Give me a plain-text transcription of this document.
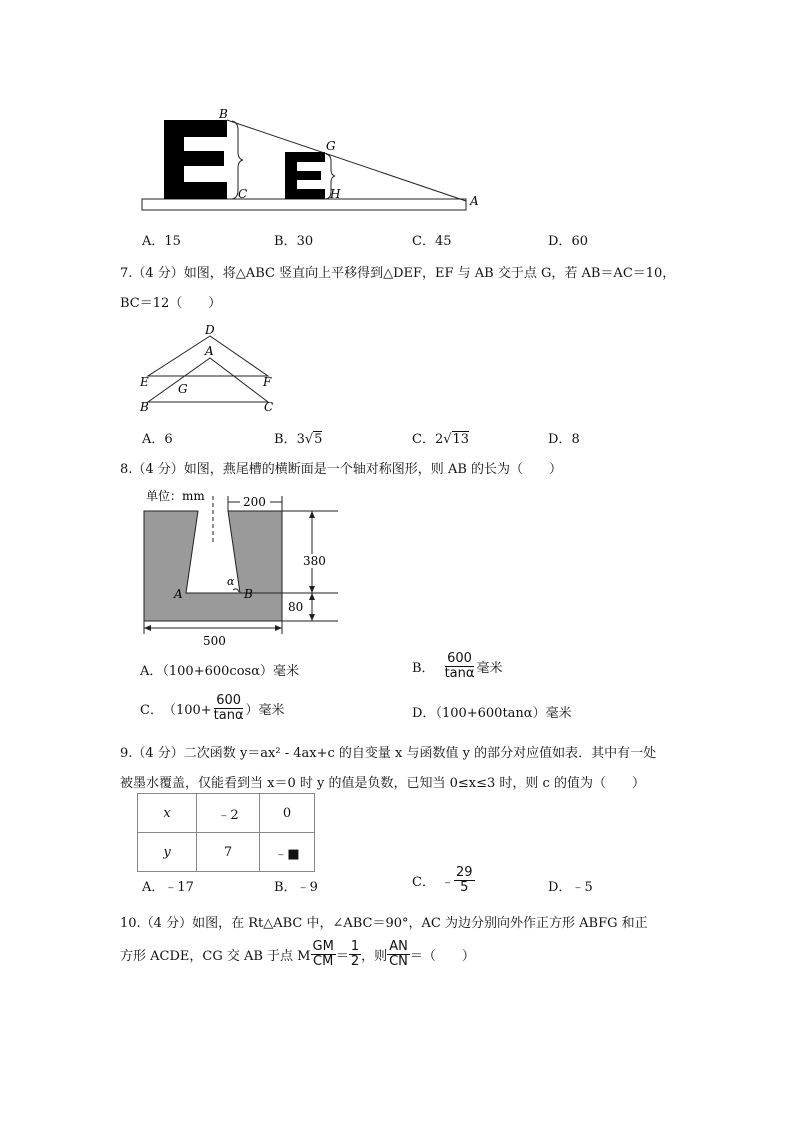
B
G
C	H	A
A．15	B．30	C．45	D．60
7.（4 分）如图，将△ABC 竖直向上平移得到△DEF，EF 与 AB 交于点 G，若 AB＝AC＝10，
BC＝12（　　）
D
A
E	F
G
B	C
A．6	B．3√5	C．2√13	D．8
8.（4 分）如图，燕尾槽的横断面是一个轴对称图形，则 AB 的长为（　　）
单位：mm	200
380
80
500
A	B
α
A．（100+600cosα）毫米	B． $\frac{600}{\tan\alpha}$ 毫米
C． （$100+ \frac{600}{\tan\alpha}$ ）毫米	D．（100+600tanα）毫米
9.（4 分）二次函数 y＝ax² - 4ax+c 的自变量 x 与函数值 y 的部分对应值如表．其中有一处
被墨水覆盖，仅能看到当 x＝0 时 y 的值是负数，已知当 0≤x≤3 时，则 c 的值为（　　）
x	﹣2	0
y	7	﹣■
A．﹣17	B．﹣9	C． ﹣ $\frac{29}{5}$	D．﹣5
10.（4 分）如图，在 Rt△ABC 中，∠ABC＝90°，AC 为边分别向外作正方形 ABFG 和正
方形 ACDE，CG 交 AB 于点 M $\frac{GM}{CM} = \frac{1}{2}$ ，则 $\frac{AN}{CN}$ ＝（　　）
